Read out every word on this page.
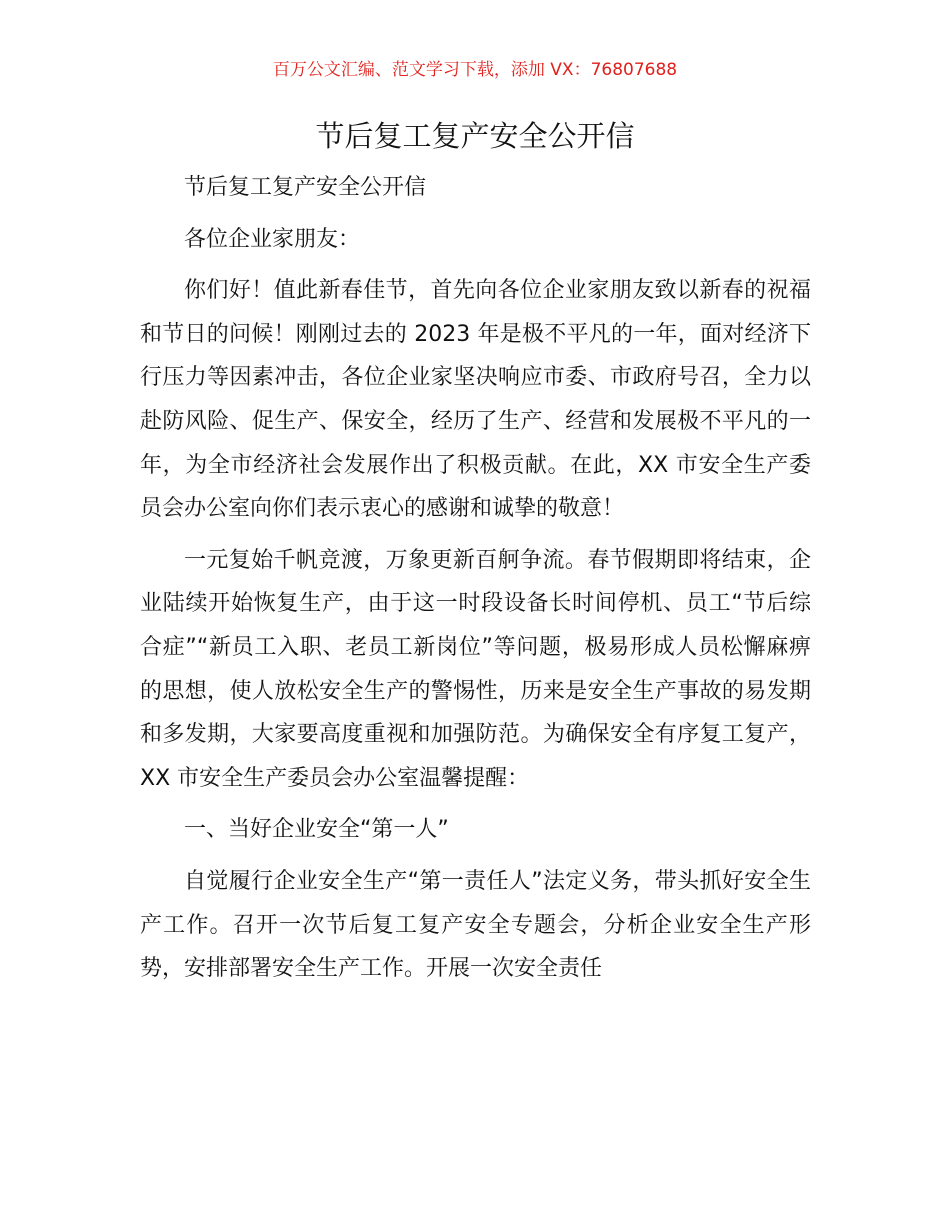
百万公文汇编、范文学习下载，添加 VX：76807688
节后复工复产安全公开信

节后复工复产安全公开信

各位企业家朋友：

你们好！值此新春佳节，首先向各位企业家朋友致以新春的祝福和节日的问候！刚刚过去的 2023 年是极不平凡的一年，面对经济下行压力等因素冲击，各位企业家坚决响应市委、市政府号召，全力以赴防风险、促生产、保安全，经历了生产、经营和发展极不平凡的一年，为全市经济社会发展作出了积极贡献。在此，XX 市安全生产委员会办公室向你们表示衷心的感谢和诚挚的敬意！

一元复始千帆竞渡，万象更新百舸争流。春节假期即将结束，企业陆续开始恢复生产，由于这一时段设备长时间停机、员工“节后综合症”“新员工入职、老员工新岗位”等问题，极易形成人员松懈麻痹的思想，使人放松安全生产的警惕性，历来是安全生产事故的易发期和多发期，大家要高度重视和加强防范。为确保安全有序复工复产，XX 市安全生产委员会办公室温馨提醒：

一、当好企业安全“第一人”

自觉履行企业安全生产“第一责任人”法定义务，带头抓好安全生产工作。召开一次节后复工复产安全专题会，分析企业安全生产形势，安排部署安全生产工作。开展一次安全责任
